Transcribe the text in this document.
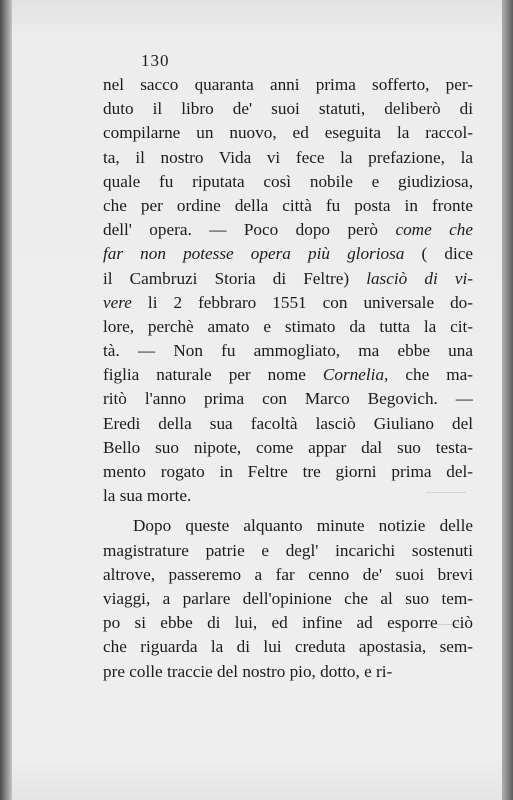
130
nel sacco quaranta anni prima sofferto, per-
duto il libro de' suoi statuti, deliberò di
compilarne un nuovo, ed eseguita la raccol-
ta, il nostro Vida vi fece la prefazione, la
quale fu riputata così nobile e giudiziosa,
che per ordine della città fu posta in fronte
dell' opera. — Poco dopo però come che
far non potesse opera più gloriosa ( dice
il Cambruzi Storia di Feltre) lasciò di vi-
vere li 2 febbraro 1551 con universale do-
lore, perchè amato e stimato da tutta la cit-
tà. — Non fu ammogliato, ma ebbe una
figlia naturale per nome Cornelia, che ma-
ritò l'anno prima con Marco Begovich. —
Eredi della sua facoltà lasciò Giuliano del
Bello suo nipote, come appar dal suo testa-
mento rogato in Feltre tre giorni prima del-
la sua morte.
Dopo queste alquanto minute notizie delle
magistrature patrie e degl' incarichi sostenuti
altrove, passeremo a far cenno de' suoi brevi
viaggi, a parlare dell'opinione che al suo tem-
po si ebbe di lui, ed infine ad esporre ciò
che riguarda la di lui creduta apostasia, sem-
pre colle traccie del nostro pio, dotto, e ri-
